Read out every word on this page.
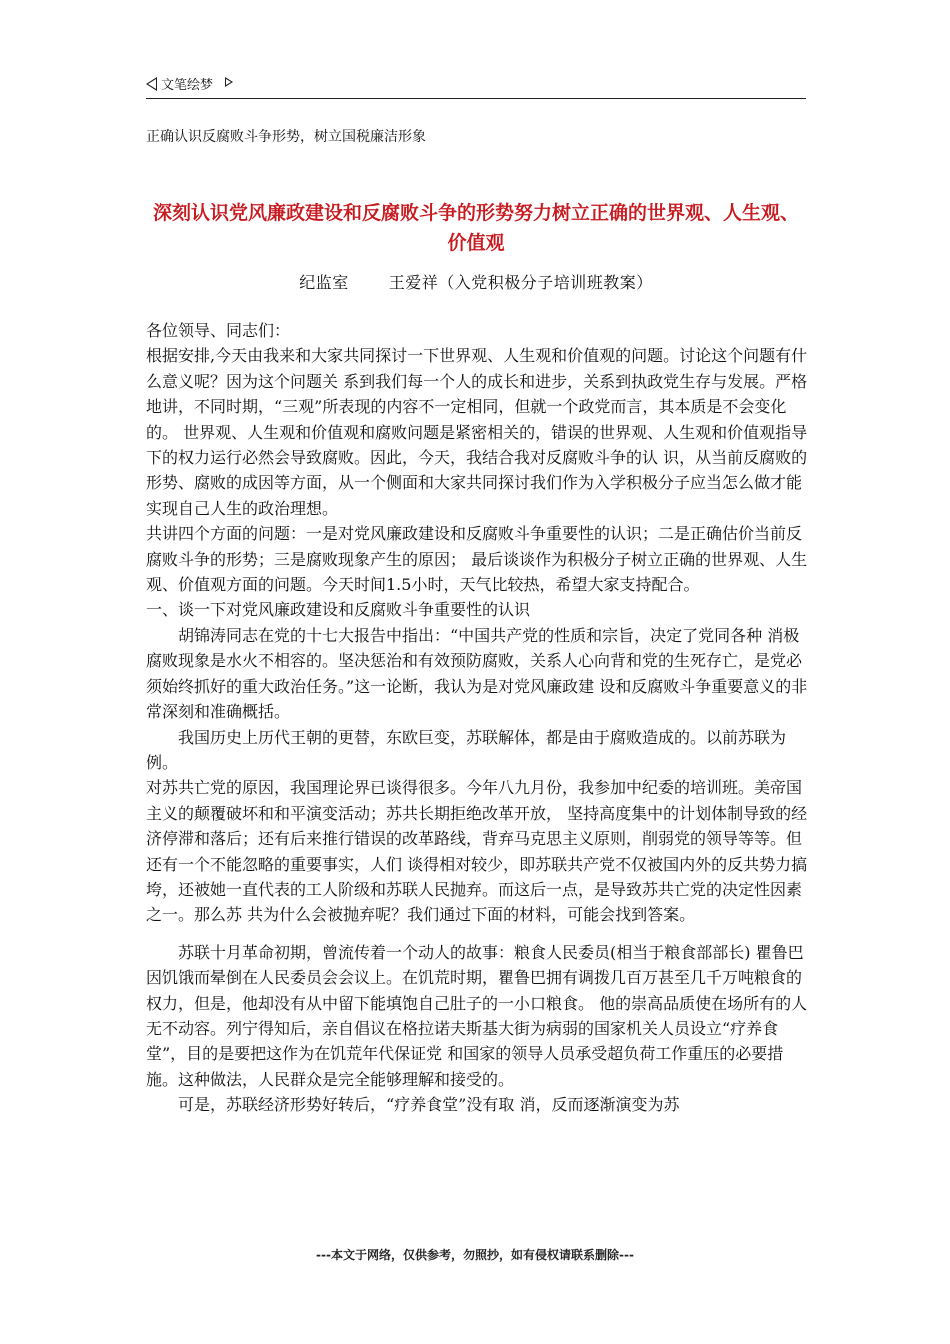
文笔绘梦
正确认识反腐败斗争形势，树立国税廉洁形象
深刻认识党风廉政建设和反腐败斗争的形势努力树立正确的世界观、人生观、价值观
纪监室	王爱祥（入党积极分子培训班教案）

各位领导、同志们：

根据安排,今天由我来和大家共同探讨一下世界观、人生观和价值观的问题。讨论这个问题有什么意义呢？因为这个问题关 系到我们每一个人的成长和进步，关系到执政党生存与发展。严格地讲，不同时期，“三观”所表现的内容不一定相同，但就一个政党而言，其本质是不会变化的。 世界观、人生观和价值观和腐败问题是紧密相关的，错误的世界观、人生观和价值观指导下的权力运行必然会导致腐败。因此，今天，我结合我对反腐败斗争的认 识，从当前反腐败的形势、腐败的成因等方面，从一个侧面和大家共同探讨我们作为入学积极分子应当怎么做才能实现自己人生的政治理想。

共讲四个方面的问题：一是对党风廉政建设和反腐败斗争重要性的认识；二是正确估价当前反腐败斗争的形势；三是腐败现象产生的原因； 最后谈谈作为积极分子树立正确的世界观、人生观、价值观方面的问题。今天时间1.5小时，天气比较热，希望大家支持配合。

一、谈一下对党风廉政建设和反腐败斗争重要性的认识

胡锦涛同志在党的十七大报告中指出：“中国共产党的性质和宗旨，决定了党同各种 消极腐败现象是水火不相容的。坚决惩治和有效预防腐败，关系人心向背和党的生死存亡，是党必须始终抓好的重大政治任务。”这一论断，我认为是对党风廉政建 设和反腐败斗争重要意义的非常深刻和准确概括。

我国历史上历代王朝的更替，东欧巨变，苏联解体，都是由于腐败造成的。以前苏联为例。

对苏共亡党的原因，我国理论界已谈得很多。今年八九月份，我参加中纪委的培训班。美帝国主义的颠覆破坏和和平演变活动；苏共长期拒绝改革开放， 坚持高度集中的计划体制导致的经济停滞和落后；还有后来推行错误的改革路线，背弃马克思主义原则，削弱党的领导等等。但还有一个不能忽略的重要事实，人们 谈得相对较少，即苏联共产党不仅被国内外的反共势力搞垮，还被她一直代表的工人阶级和苏联人民抛弃。而这后一点，是导致苏共亡党的决定性因素之一。那么苏 共为什么会被抛弃呢？我们通过下面的材料，可能会找到答案。

苏联十月革命初期，曾流传着一个动人的故事：粮食人民委员(相当于粮食部部长) 瞿鲁巴因饥饿而晕倒在人民委员会会议上。在饥荒时期，瞿鲁巴拥有调拨几百万甚至几千万吨粮食的权力，但是，他却没有从中留下能填饱自己肚子的一小口粮食。 他的崇高品质使在场所有的人无不动容。列宁得知后，亲自倡议在格拉诺夫斯基大街为病弱的国家机关人员设立“疗养食堂”，目的是要把这作为在饥荒年代保证党 和国家的领导人员承受超负荷工作重压的必要措施。这种做法，人民群众是完全能够理解和接受的。

可是，苏联经济形势好转后，“疗养食堂”没有取 消，反而逐渐演变为苏

---本文于网络，仅供参考，勿照抄，如有侵权请联系删除---
